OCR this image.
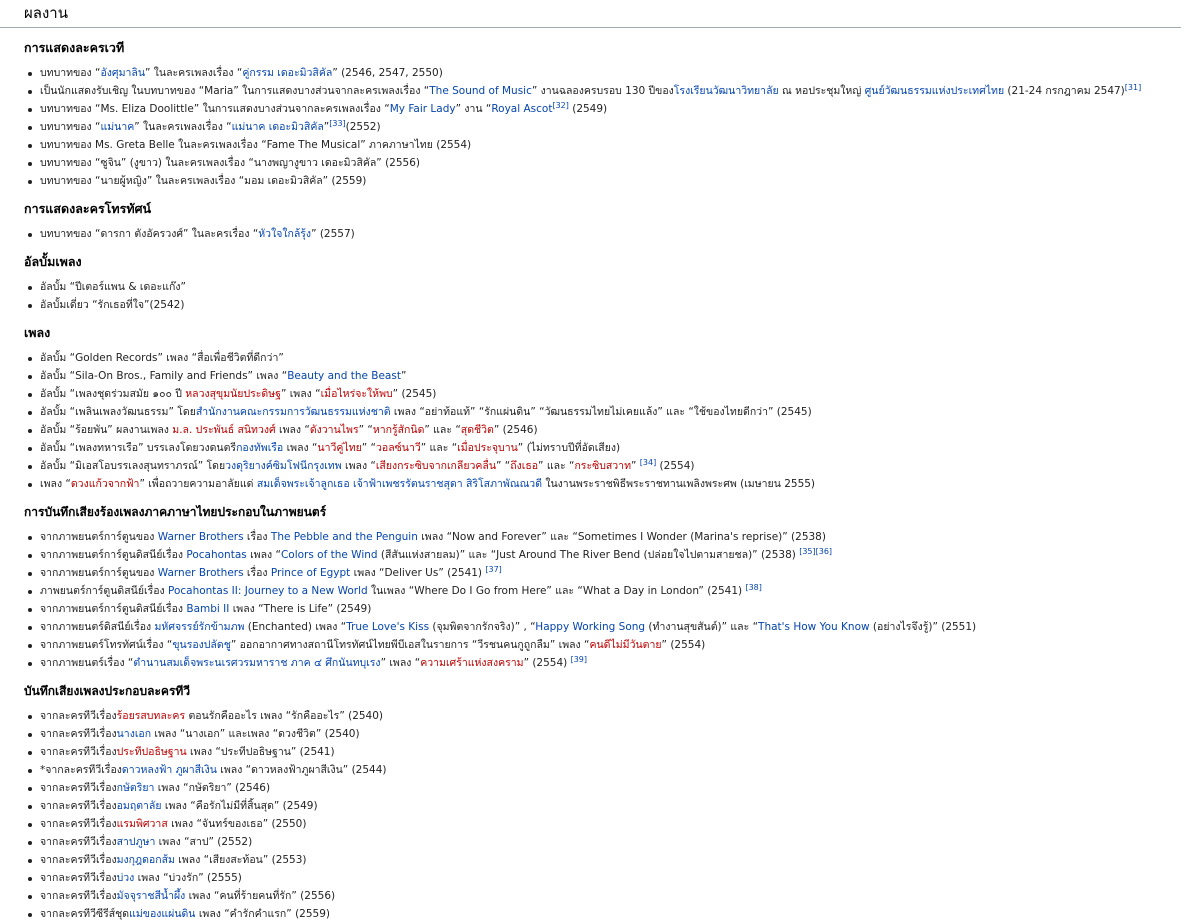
ผลงาน
การแสดงละครเวที
บทบาทของ “อังศุมาลิน” ในละครเพลงเรื่อง “คู่กรรม เดอะมิวสิคัล” (2546, 2547, 2550)
เป็นนักแสดงรับเชิญ ในบทบาทของ “Maria” ในการแสดงบางส่วนจากละครเพลงเรื่อง “The Sound of Music” งานฉลองครบรอบ 130 ปีของโรงเรียนวัฒนาวิทยาลัย ณ หอประชุมใหญ่ ศูนย์วัฒนธรรมแห่งประเทศไทย (21-24 กรกฎาคม 2547)[31]
บทบาทของ “Ms. Eliza Doolittle” ในการแสดงบางส่วนจากละครเพลงเรื่อง “My Fair Lady” งาน “Royal Ascot[32] (2549)
บทบาทของ “แม่นาค” ในละครเพลงเรื่อง “แม่นาค เดอะมิวสิคัล”[33](2552)
บทบาทของ Ms. Greta Belle ในละครเพลงเรื่อง “Fame The Musical” ภาคภาษาไทย (2554)
บทบาทของ “ซูจิน” (งูขาว) ในละครเพลงเรื่อง “นางพญางูขาว เดอะมิวสิคัล” (2556)
บทบาทของ “นายผู้หญิง” ในละครเพลงเรื่อง “มอม เดอะมิวสิคัล” (2559)
การแสดงละครโทรทัศน์
บทบาทของ “ดารกา ตังอัครวงศ์” ในละครเรื่อง “หัวใจใกล้รุ้ง” (2557)
อัลบั้มเพลง
อัลบั้ม “ปีเตอร์แพน & เดอะแก๊ง”
อัลบั้มเดี่ยว “รักเธอที่ใจ”(2542)
เพลง
อัลบั้ม “Golden Records” เพลง “สื่อเพื่อชีวิตที่ดีกว่า”
อัลบั้ม “Sila-On Bros., Family and Friends” เพลง “Beauty and the Beast”
อัลบั้ม “เพลงชุดร่วมสมัย ๑๐๐ ปี หลวงสุขุมนัยประดิษฐ” เพลง “เมื่อไหร่จะให้พบ” (2545)
อัลบั้ม “เพลินเพลงวัฒนธรรม” โดยสำนักงานคณะกรรมการวัฒนธรรมแห่งชาติ เพลง “อย่าท้อแท้” “รักแผ่นดิน” “วัฒนธรรมไทยไม่เคยแล้ง” และ “ใช้ของไทยดีกว่า” (2545)
อัลบั้ม “ร้อยพัน” ผลงานเพลง ม.ล. ประพันธ์ สนิทวงศ์ เพลง “ดังวานไพร” “หากรู้สักนิด” และ “สุดชีวิต” (2546)
อัลบั้ม “เพลงทหารเรือ” บรรเลงโดยวงดนตรีกองทัพเรือ เพลง “นาวีคู่ไทย” “วอลซ์นาวี” และ “เมื่อประจุบาน” (ไม่ทราบปีที่อัดเสียง)
อัลบั้ม “มิเอสโอบรรเลงสุนทราภรณ์” โดยวงดุริยางค์ซิมโฟนีกรุงเทพ เพลง “เสียงกระซิบจากเกลียวคลื่น” “ถึงเธอ” และ “กระซิบสวาท” [34] (2554)
เพลง “ดวงแก้วจากฟ้า” เพื่อถวายความอาลัยแด่ สมเด็จพระเจ้าลูกเธอ เจ้าฟ้าเพชรรัตนราชสุดา สิริโสภาพัณณวดี ในงานพระราชพิธีพระราชทานเพลิงพระศพ (เมษายน 2555)
การบันทึกเสียงร้องเพลงภาคภาษาไทยประกอบในภาพยนตร์
จากภาพยนตร์การ์ตูนของ Warner Brothers เรื่อง The Pebble and the Penguin เพลง “Now and Forever” และ “Sometimes I Wonder (Marina's reprise)” (2538)
จากภาพยนตร์การ์ตูนดิสนีย์เรื่อง Pocahontas เพลง “Colors of the Wind (สีสันแห่งสายลม)” และ “Just Around The River Bend (ปล่อยใจไปตามสายชล)” (2538) [35][36]
จากภาพยนตร์การ์ตูนของ Warner Brothers เรื่อง Prince of Egypt เพลง “Deliver Us” (2541) [37]
ภาพยนตร์การ์ตูนดิสนีย์เรื่อง Pocahontas II: Journey to a New World ในเพลง “Where Do I Go from Here” และ “What a Day in London” (2541) [38]
จากภาพยนตร์การ์ตูนดิสนีย์เรื่อง Bambi II เพลง “There is Life” (2549)
จากภาพยนตร์ดิสนีย์เรื่อง มหัศจรรย์รักข้ามภพ (Enchanted) เพลง “True Love's Kiss (จุมพิตจากรักจริง)” , “Happy Working Song (ทำงานสุขสันต์)” และ “That's How You Know (อย่างไรจึงรู้)” (2551)
จากภาพยนตร์โทรทัศน์เรื่อง “ขุนรองปลัดชู” ออกอากาศทางสถานีโทรทัศน์ไทยพีบีเอสในรายการ “วีรชนคนกูถูกลืม” เพลง “คนดีไม่มีวันตาย” (2554)
จากภาพยนตร์เรื่อง “ตำนานสมเด็จพระนเรศวรมหาราช ภาค ๔ ศึกนันทบุเรง” เพลง “ความเศร้าแห่งสงคราม” (2554) [39]
บันทึกเสียงเพลงประกอบละครทีวี
จากละครทีวีเรื่องร้อยรสบทละคร ตอนรักคืออะไร เพลง “รักคืออะไร” (2540)
จากละครทีวีเรื่องนางเอก เพลง “นางเอก” และเพลง “ดวงชีวิต” (2540)
จากละครทีวีเรื่องประทีปอธิษฐาน เพลง “ประทีปอธิษฐาน” (2541)
*จากละครทีวีเรื่องดาวหลงฟ้า ภูผาสีเงิน เพลง “ดาวหลงฟ้าภูผาสีเงิน” (2544)
จากละครทีวีเรื่องกษัตริยา เพลง “กษัตริยา” (2546)
จากละครทีวีเรื่องอมฤตาลัย เพลง “คือรักไม่มีที่สิ้นสุด” (2549)
จากละครทีวีเรื่องแรมพิศวาส เพลง “จันทร์ของเธอ” (2550)
จากละครทีวีเรื่องสาปภูษา เพลง “สาป” (2552)
จากละครทีวีเรื่องมงกุฎดอกส้ม เพลง “เสียงสะท้อน” (2553)
จากละครทีวีเรื่องบ่วง เพลง “บ่วงรัก” (2555)
จากละครทีวีเรื่องมัจจุราชสีน้ำผึ้ง เพลง “คนที่ร้ายคนที่รัก” (2556)
จากละครทีวีซีรีส์ชุดแม่ของแผ่นดิน เพลง “คำรักคำแรก” (2559)
